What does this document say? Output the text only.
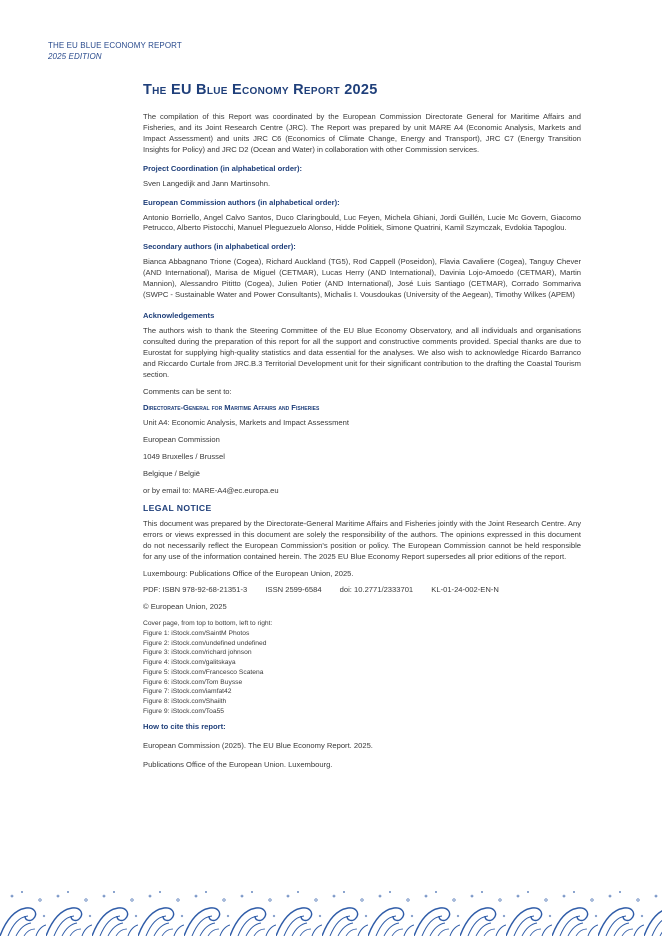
THE EU BLUE ECONOMY REPORT
2025 EDITION
The EU Blue Economy Report 2025

The compilation of this Report was coordinated by the European Commission Directorate General for Maritime Affairs and Fisheries, and its Joint Research Centre (JRC). The Report was prepared by unit MARE A4 (Economic Analysis, Markets and Impact Assessment) and units JRC C6 (Economics of Climate Change, Energy and Transport), JRC C7 (Energy Transition Insights for Policy) and JRC D2 (Ocean and Water) in collaboration with other Commission services.

Project Coordination (in alphabetical order):

Sven Langedijk and Jann Martinsohn.

European Commission authors (in alphabetical order):

Antonio Borriello, Angel Calvo Santos, Duco Claringbould, Luc Feyen, Michela Ghiani, Jordi Guillén, Lucie Mc Govern, Giacomo Petrucco, Alberto Pistocchi, Manuel Pleguezuelo Alonso, Hidde Politiek, Simone Quatrini, Kamil Szymczak, Evdokia Tapoglou.

Secondary authors (in alphabetical order):

Bianca Abbagnano Trione (Cogea), Richard Auckland (TG5), Rod Cappell (Poseidon), Flavia Cavaliere (Cogea), Tanguy Chever (AND International), Marisa de Miguel (CETMAR), Lucas Herry (AND International), Davinia Lojo-Amoedo (CETMAR), Martin Mannion), Alessandro Pititto (Cogea), Julien Potier (AND International), José Luis Santiago (CETMAR), Corrado Sommariva (SWPC - Sustainable Water and Power Consultants), Michalis I. Vousdoukas (University of the Aegean), Timothy Wilkes (APEM)

Acknowledgements

The authors wish to thank the Steering Committee of the EU Blue Economy Observatory, and all individuals and organisations consulted during the preparation of this report for all the support and constructive comments provided. Special thanks are due to Eurostat for supplying high-quality statistics and data essential for the analyses. We also wish to acknowledge Ricardo Barranco and Riccardo Curtale from JRC.B.3 Territorial Development unit for their significant contribution to the drafting the Coastal Tourism section.

Comments can be sent to:

Directorate-General for Maritime Affairs and Fisheries

Unit A4: Economic Analysis, Markets and Impact Assessment

European Commission

1049 Bruxelles / Brussel

Belgique / België

or by email to: MARE-A4@ec.europa.eu

LEGAL NOTICE

This document was prepared by the Directorate-General Maritime Affairs and Fisheries jointly with the Joint Research Centre. Any errors or views expressed in this document are solely the responsibility of the authors. The opinions expressed in this document do not necessarily reflect the European Commission's position or policy. The European Commission cannot be held responsible for any use of the information contained herein. The 2025 EU Blue Economy Report supersedes all prior editions of the report.

Luxembourg: Publications Office of the European Union, 2025.

PDF: ISBN 978-92-68-21351-3 ISSN 2599-6584 doi: 10.2771/2333701 KL-01-24-002-EN-N

© European Union, 2025

Cover page, from top to bottom, left to right:

Figure 1: iStock.com/SaintM Photos

Figure 2: iStock.com/undefined undefined

Figure 3: iStock.com/richard johnson

Figure 4: iStock.com/galitskaya

Figure 5: iStock.com/Francesco Scatena

Figure 6: iStock.com/Tom Buysse

Figure 7: iStock.com/iamfat42

Figure 8: iStock.com/Shaiith

Figure 9: iStock.com/Toa55

How to cite this report:

European Commission (2025). The EU Blue Economy Report. 2025.

Publications Office of the European Union. Luxembourg.
